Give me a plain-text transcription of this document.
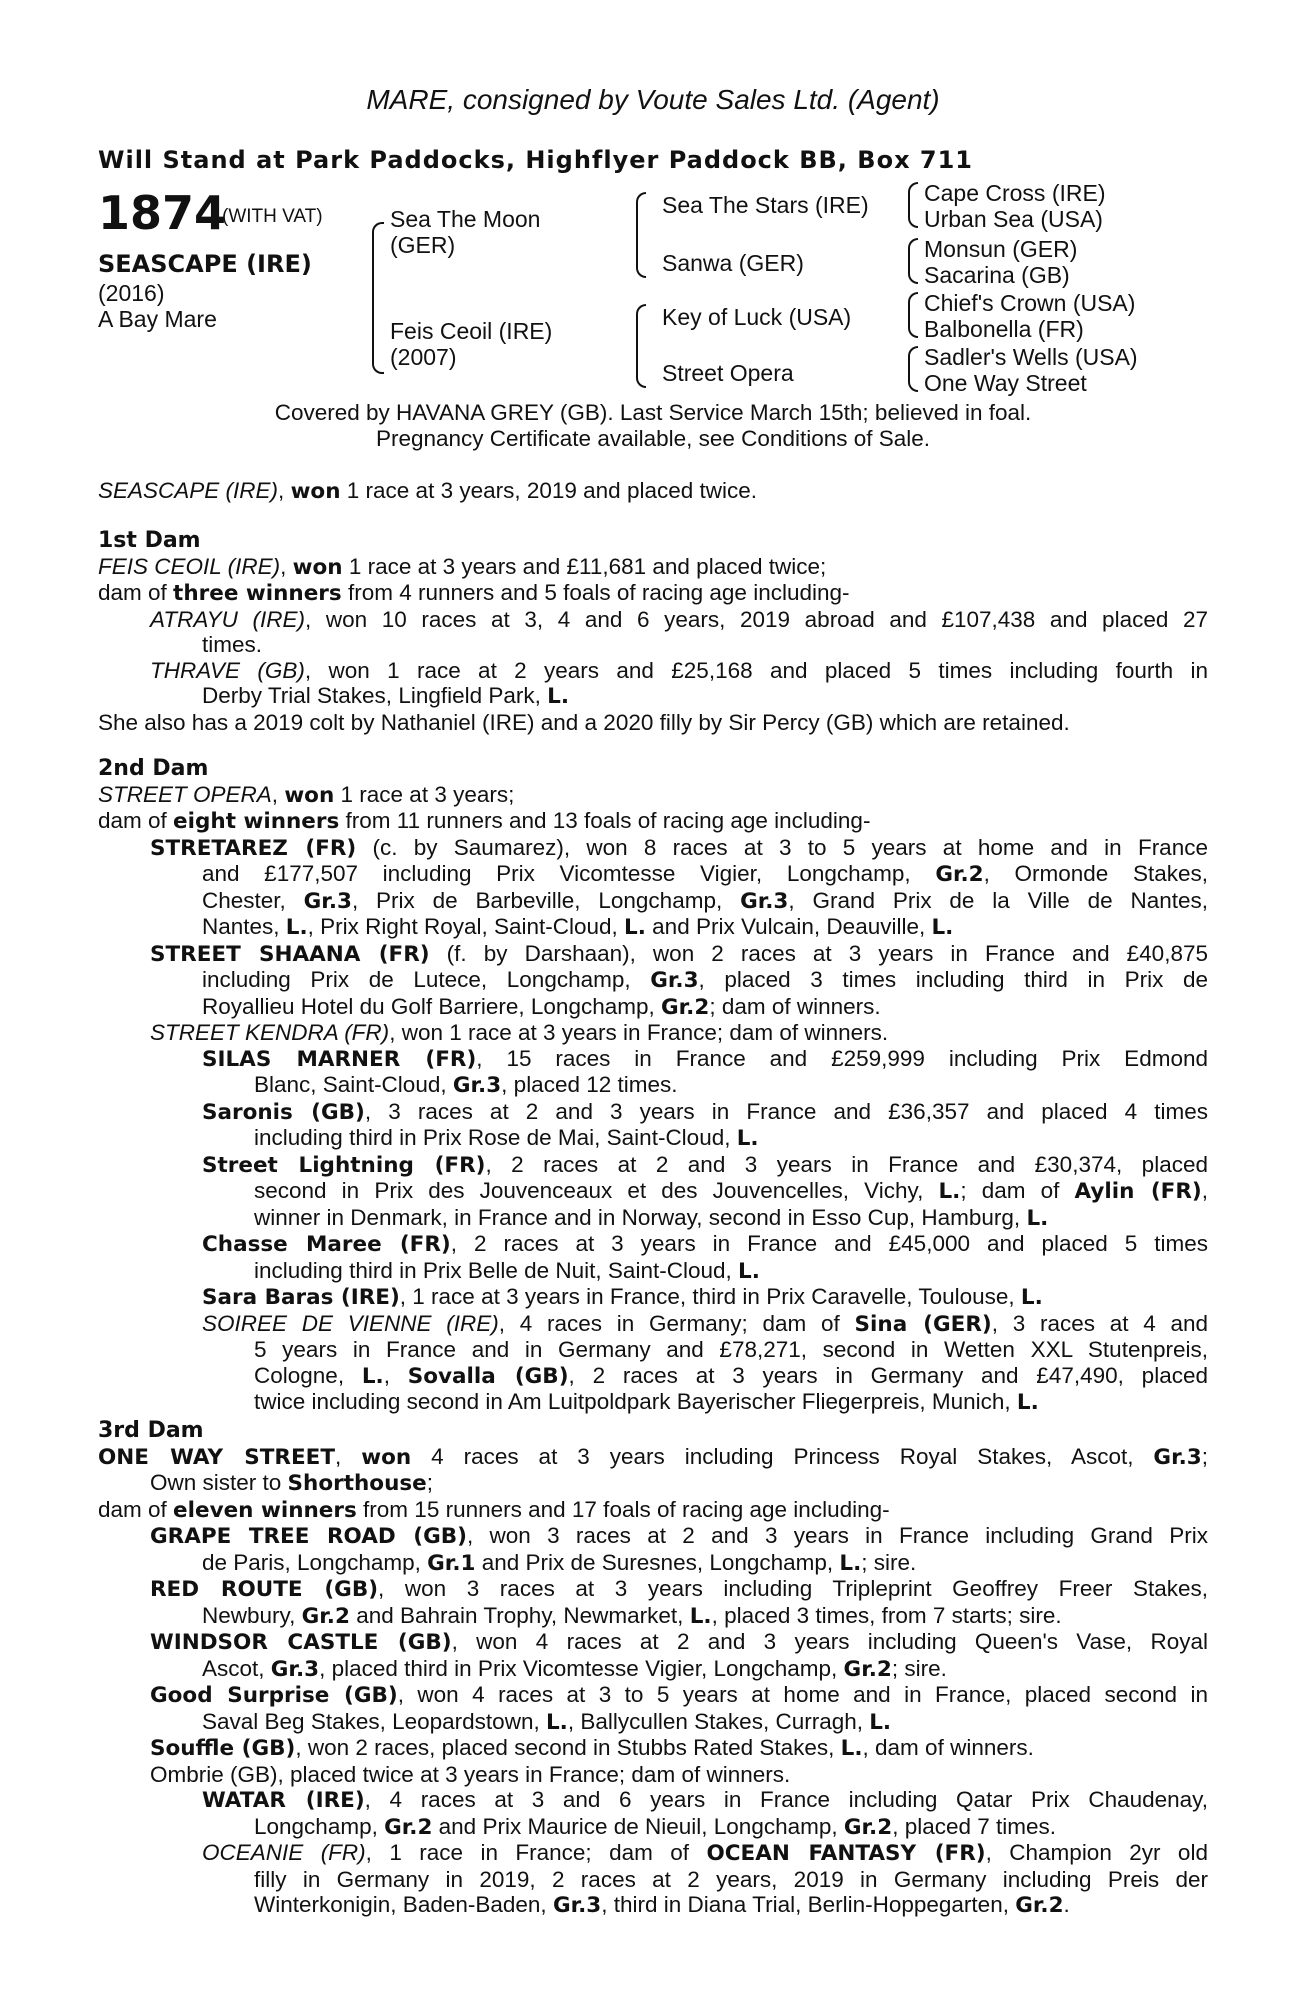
MARE, consigned by Voute Sales Ltd. (Agent)
Will Stand at Park Paddocks, Highflyer Paddock BB, Box 711
1874
(WITH VAT)
SEASCAPE (IRE)
(2016)
A Bay Mare
Sea The Moon
(GER)
Feis Ceoil (IRE)
(2007)
Sea The Stars (IRE)
Sanwa (GER)
Key of Luck (USA)
Street Opera
Cape Cross (IRE)
Urban Sea (USA)
Monsun (GER)
Sacarina (GB)
Chief's Crown (USA)
Balbonella (FR)
Sadler's Wells (USA)
One Way Street
Covered by HAVANA GREY (GB). Last Service March 15th; believed in foal.
Pregnancy Certificate available, see Conditions of Sale.
SEASCAPE (IRE), won 1 race at 3 years, 2019 and placed twice.
1st Dam
FEIS CEOIL (IRE), won 1 race at 3 years and £11,681 and placed twice;
dam of three winners from 4 runners and 5 foals of racing age including-
ATRAYU (IRE), won 10 races at 3, 4 and 6 years, 2019 abroad and £107,438 and placed 27
times.
THRAVE (GB), won 1 race at 2 years and £25,168 and placed 5 times including fourth in
Derby Trial Stakes, Lingfield Park, L.
She also has a 2019 colt by Nathaniel (IRE) and a 2020 filly by Sir Percy (GB) which are retained.
2nd Dam
STREET OPERA, won 1 race at 3 years;
dam of eight winners from 11 runners and 13 foals of racing age including-
STRETAREZ (FR) (c. by Saumarez), won 8 races at 3 to 5 years at home and in France
and £177,507 including Prix Vicomtesse Vigier, Longchamp, Gr.2, Ormonde Stakes,
Chester, Gr.3, Prix de Barbeville, Longchamp, Gr.3, Grand Prix de la Ville de Nantes,
Nantes, L., Prix Right Royal, Saint-Cloud, L. and Prix Vulcain, Deauville, L.
STREET SHAANA (FR) (f. by Darshaan), won 2 races at 3 years in France and £40,875
including Prix de Lutece, Longchamp, Gr.3, placed 3 times including third in Prix de
Royallieu Hotel du Golf Barriere, Longchamp, Gr.2; dam of winners.
STREET KENDRA (FR), won 1 race at 3 years in France; dam of winners.
SILAS MARNER (FR), 15 races in France and £259,999 including Prix Edmond
Blanc, Saint-Cloud, Gr.3, placed 12 times.
Saronis (GB), 3 races at 2 and 3 years in France and £36,357 and placed 4 times
including third in Prix Rose de Mai, Saint-Cloud, L.
Street Lightning (FR), 2 races at 2 and 3 years in France and £30,374, placed
second in Prix des Jouvenceaux et des Jouvencelles, Vichy, L.; dam of Aylin (FR),
winner in Denmark, in France and in Norway, second in Esso Cup, Hamburg, L.
Chasse Maree (FR), 2 races at 3 years in France and £45,000 and placed 5 times
including third in Prix Belle de Nuit, Saint-Cloud, L.
Sara Baras (IRE), 1 race at 3 years in France, third in Prix Caravelle, Toulouse, L.
SOIREE DE VIENNE (IRE), 4 races in Germany; dam of Sina (GER), 3 races at 4 and
5 years in France and in Germany and £78,271, second in Wetten XXL Stutenpreis,
Cologne, L., Sovalla (GB), 2 races at 3 years in Germany and £47,490, placed
twice including second in Am Luitpoldpark Bayerischer Fliegerpreis, Munich, L.
3rd Dam
ONE WAY STREET, won 4 races at 3 years including Princess Royal Stakes, Ascot, Gr.3;
Own sister to Shorthouse;
dam of eleven winners from 15 runners and 17 foals of racing age including-
GRAPE TREE ROAD (GB), won 3 races at 2 and 3 years in France including Grand Prix
de Paris, Longchamp, Gr.1 and Prix de Suresnes, Longchamp, L.; sire.
RED ROUTE (GB), won 3 races at 3 years including Tripleprint Geoffrey Freer Stakes,
Newbury, Gr.2 and Bahrain Trophy, Newmarket, L., placed 3 times, from 7 starts; sire.
WINDSOR CASTLE (GB), won 4 races at 2 and 3 years including Queen's Vase, Royal
Ascot, Gr.3, placed third in Prix Vicomtesse Vigier, Longchamp, Gr.2; sire.
Good Surprise (GB), won 4 races at 3 to 5 years at home and in France, placed second in
Saval Beg Stakes, Leopardstown, L., Ballycullen Stakes, Curragh, L.
Souffle (GB), won 2 races, placed second in Stubbs Rated Stakes, L., dam of winners.
Ombrie (GB), placed twice at 3 years in France; dam of winners.
WATAR (IRE), 4 races at 3 and 6 years in France including Qatar Prix Chaudenay,
Longchamp, Gr.2 and Prix Maurice de Nieuil, Longchamp, Gr.2, placed 7 times.
OCEANIE (FR), 1 race in France; dam of OCEAN FANTASY (FR), Champion 2yr old
filly in Germany in 2019, 2 races at 2 years, 2019 in Germany including Preis der
Winterkonigin, Baden-Baden, Gr.3, third in Diana Trial, Berlin-Hoppegarten, Gr.2.
